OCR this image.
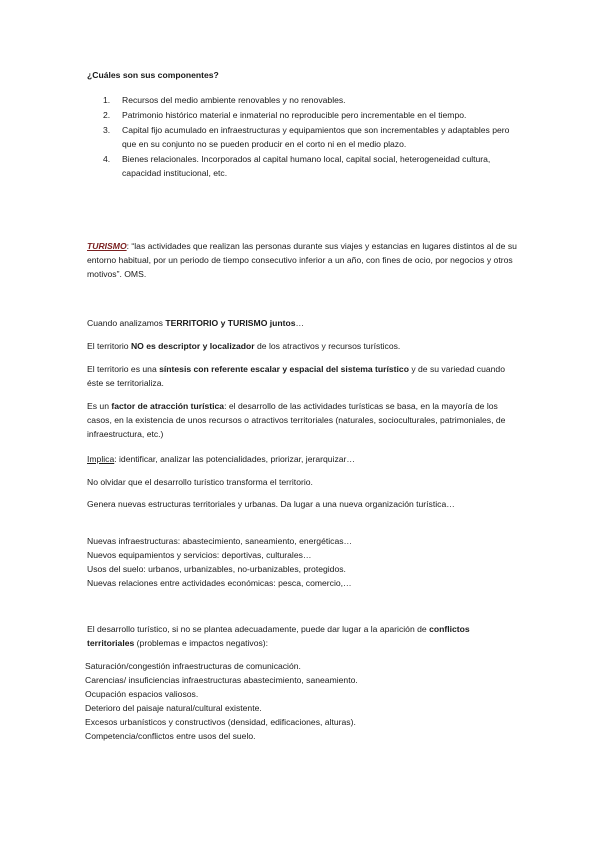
¿Cuáles son sus componentes?

1. Recursos del medio ambiente renovables y no renovables.
2. Patrimonio histórico material e inmaterial no reproducible pero incrementable en el tiempo.
3. Capital fijo acumulado en infraestructuras y equipamientos que son incrementables y adaptables pero que en su conjunto no se pueden producir en el corto ni en el medio plazo.
4. Bienes relacionales. Incorporados al capital humano local, capital social, heterogeneidad cultura, capacidad institucional, etc.

TURISMO: “las actividades que realizan las personas durante sus viajes y estancias en lugares distintos al de su entorno habitual, por un periodo de tiempo consecutivo inferior a un año, con fines de ocio, por negocios y otros motivos”. OMS.

Cuando analizamos TERRITORIO y TURISMO juntos…

El territorio NO es descriptor y localizador de los atractivos y recursos turísticos.

El territorio es una síntesis con referente escalar y espacial del sistema turístico y de su variedad cuando éste se territorializa.

Es un factor de atracción turística: el desarrollo de las actividades turísticas se basa, en la mayoría de los casos, en la existencia de unos recursos o atractivos territoriales (naturales, socioculturales, patrimoniales, de infraestructura, etc.)

Implica: identificar, analizar las potencialidades, priorizar, jerarquizar…

No olvidar que el desarrollo turístico transforma el territorio.

Genera nuevas estructuras territoriales y urbanas. Da lugar a una nueva organización turística…

Nuevas infraestructuras: abastecimiento, saneamiento, energéticas…

Nuevos equipamientos y servicios: deportivas, culturales…

Usos del suelo: urbanos, urbanizables, no-urbanizables, protegidos.

Nuevas relaciones entre actividades económicas: pesca, comercio,…

El desarrollo turístico, si no se plantea adecuadamente, puede dar lugar a la aparición de conflictos territoriales (problemas e impactos negativos):

Saturación/congestión infraestructuras de comunicación.

Carencias/ insuficiencias infraestructuras abastecimiento, saneamiento.

Ocupación espacios valiosos.

Deterioro del paisaje natural/cultural existente.

Excesos urbanísticos y constructivos (densidad, edificaciones, alturas).

Competencia/conflictos entre usos del suelo.
